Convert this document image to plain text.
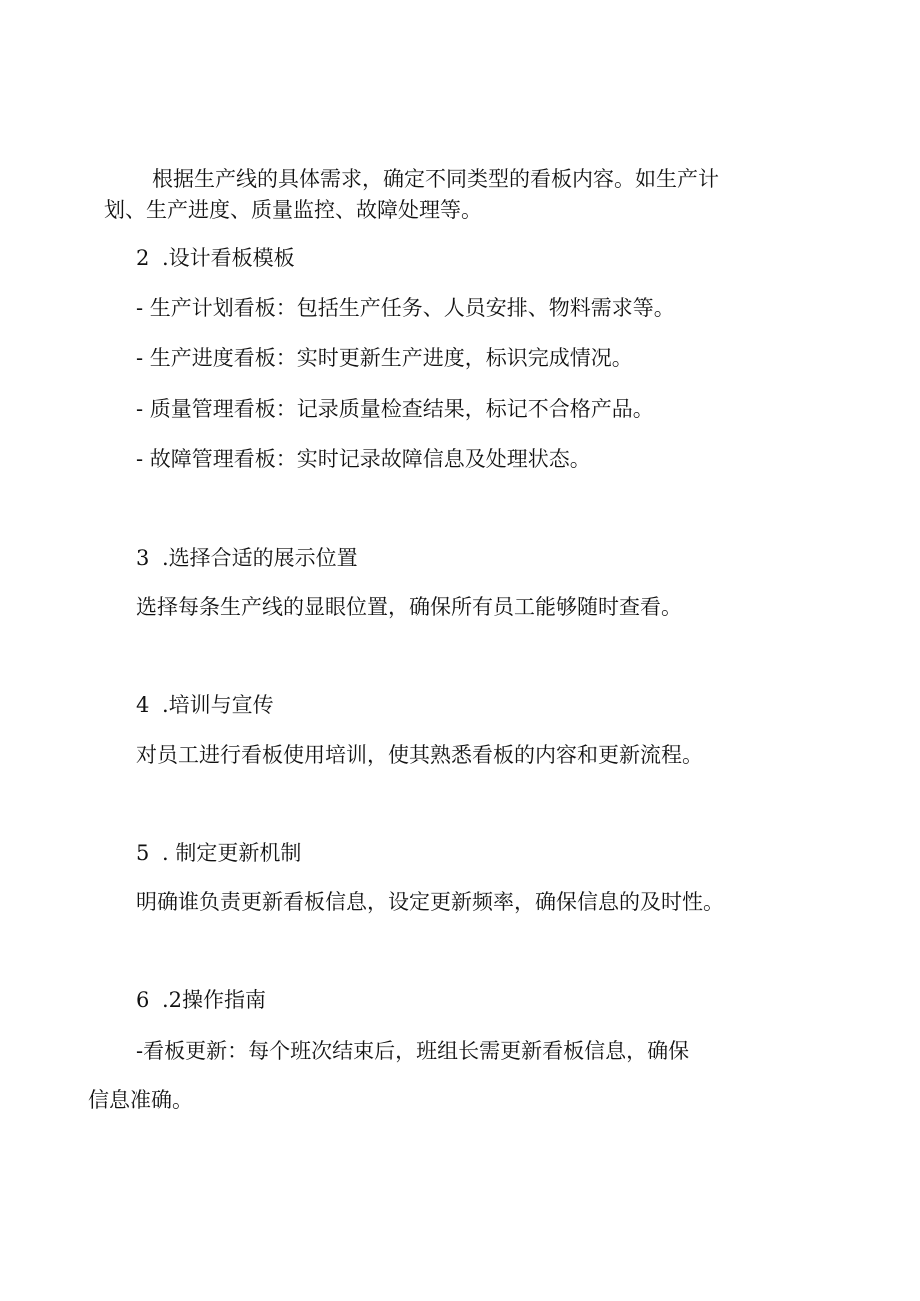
根据生产线的具体需求，确定不同类型的看板内容。如生产计
划、生产进度、质量监控、故障处理等。
2 .设计看板模板
- 生产计划看板：包括生产任务、人员安排、物料需求等。
- 生产进度看板：实时更新生产进度，标识完成情况。
- 质量管理看板：记录质量检查结果，标记不合格产品。
- 故障管理看板：实时记录故障信息及处理状态。
3 .选择合适的展示位置
选择每条生产线的显眼位置，确保所有员工能够随时查看。
4 .培训与宣传
对员工进行看板使用培训，使其熟悉看板的内容和更新流程。
5 . 制定更新机制
明确谁负责更新看板信息，设定更新频率，确保信息的及时性。
6 .2操作指南
-看板更新：每个班次结束后，班组长需更新看板信息，确保
信息准确。
